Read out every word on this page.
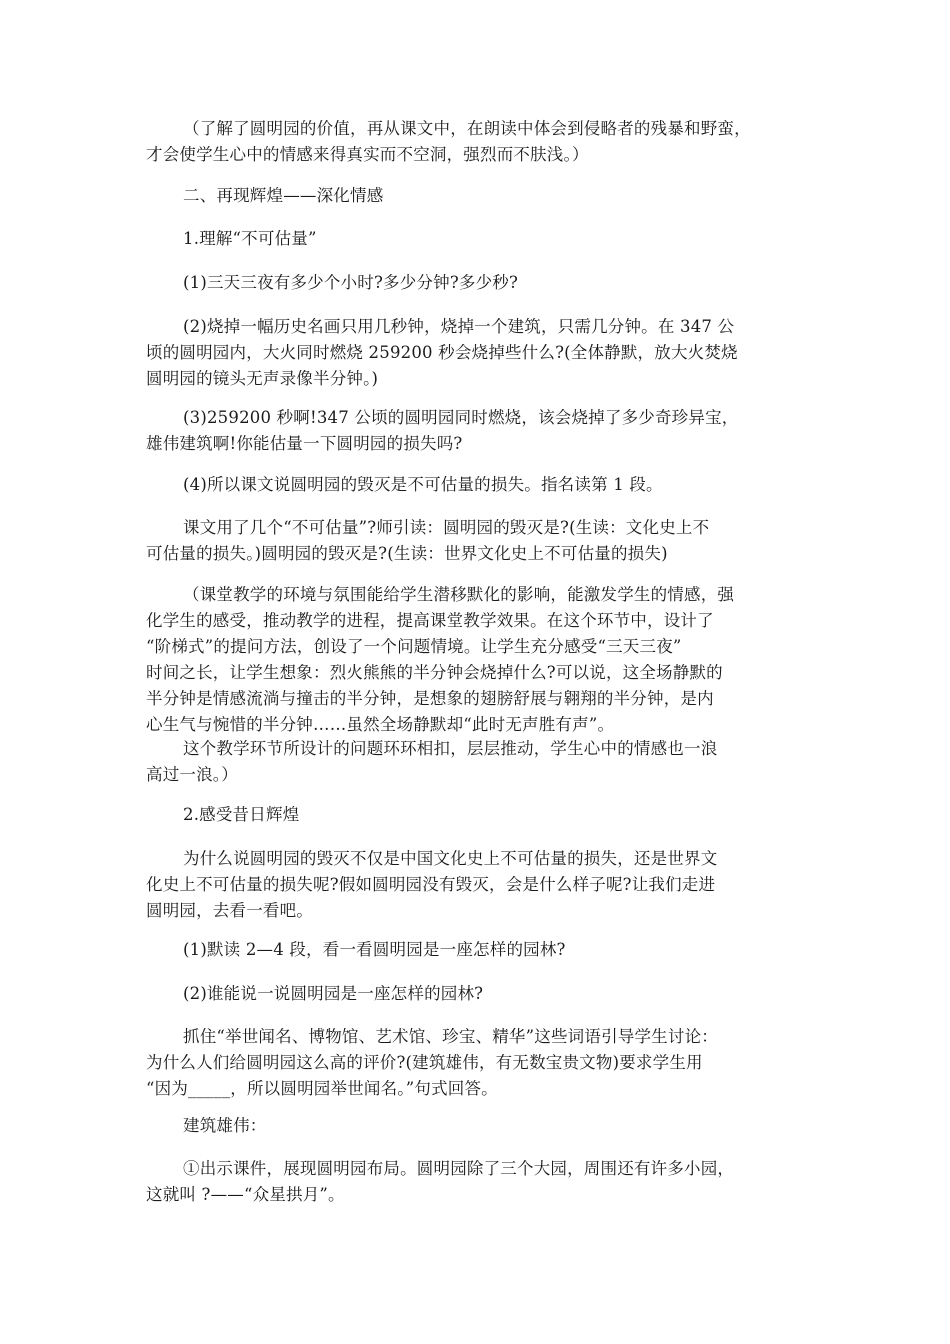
（了解了圆明园的价值，再从课文中，在朗读中体会到侵略者的残暴和野蛮，
才会使学生心中的情感来得真实而不空洞，强烈而不肤浅。）
二、再现辉煌——深化情感
1.理解“不可估量”
(1)三天三夜有多少个小时?多少分钟?多少秒?
(2)烧掉一幅历史名画只用几秒钟，烧掉一个建筑，只需几分钟。在 347 公
顷的圆明园内，大火同时燃烧 259200 秒会烧掉些什么?(全体静默，放大火焚烧
圆明园的镜头无声录像半分钟。)
(3)259200 秒啊!347 公顷的圆明园同时燃烧，该会烧掉了多少奇珍异宝，
雄伟建筑啊!你能估量一下圆明园的损失吗?
(4)所以课文说圆明园的毁灭是不可估量的损失。指名读第 1 段。
课文用了几个“不可估量”?师引读：圆明园的毁灭是?(生读：文化史上不
可估量的损失。)圆明园的毁灭是?(生读：世界文化史上不可估量的损失)
（课堂教学的环境与氛围能给学生潜移默化的影响，能激发学生的情感，强
化学生的感受，推动教学的进程，提高课堂教学效果。在这个环节中，设计了
“阶梯式”的提问方法，创设了一个问题情境。让学生充分感受“三天三夜”
时间之长，让学生想象：烈火熊熊的半分钟会烧掉什么?可以说，这全场静默的
半分钟是情感流淌与撞击的半分钟，是想象的翅膀舒展与翱翔的半分钟，是内
心生气与惋惜的半分钟……虽然全场静默却“此时无声胜有声”。
这个教学环节所设计的问题环环相扣，层层推动，学生心中的情感也一浪
高过一浪。）
2.感受昔日辉煌
为什么说圆明园的毁灭不仅是中国文化史上不可估量的损失，还是世界文
化史上不可估量的损失呢?假如圆明园没有毁灭，会是什么样子呢?让我们走进
圆明园，去看一看吧。
(1)默读 2—4 段，看一看圆明园是一座怎样的园林?
(2)谁能说一说圆明园是一座怎样的园林?
抓住“举世闻名、博物馆、艺术馆、珍宝、精华”这些词语引导学生讨论：
为什么人们给圆明园这么高的评价?(建筑雄伟，有无数宝贵文物)要求学生用
“因为_____，所以圆明园举世闻名。”句式回答。
建筑雄伟：
①出示课件，展现圆明园布局。圆明园除了三个大园，周围还有许多小园，
这就叫 ?——“众星拱月”。
